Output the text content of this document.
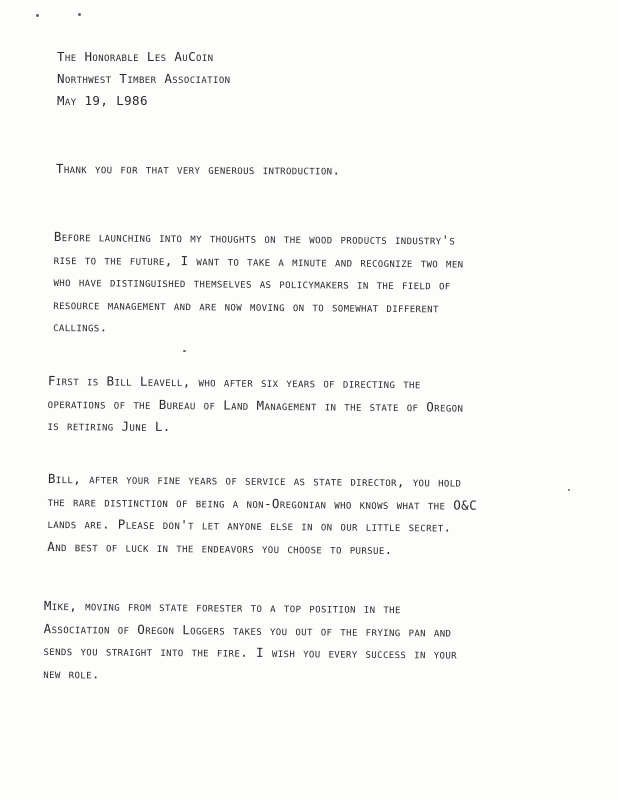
The Honorable Les AuCoin
Northwest Timber Association
May 19, L986
Thank you for that very generous introduction.
Before launching into my thoughts on the wood products industry's
rise to the future, I want to take a minute and recognize two men
who have distinguished themselves as policymakers in the field of
resource management and are now moving on to somewhat different
callings.
First is Bill Leavell, who after six years of directing the
operations of the Bureau of Land Management in the state of Oregon
is retiring June L.
Bill, after your fine years of service as state director, you hold
the rare distinction of being a non-Oregonian who knows what the O&C
lands are. Please don't let anyone else in on our little secret.
And best of luck in the endeavors you choose to pursue.
Mike, moving from state forester to a top position in the
Association of Oregon Loggers takes you out of the frying pan and
sends you straight into the fire. I wish you every success in your
new role.
